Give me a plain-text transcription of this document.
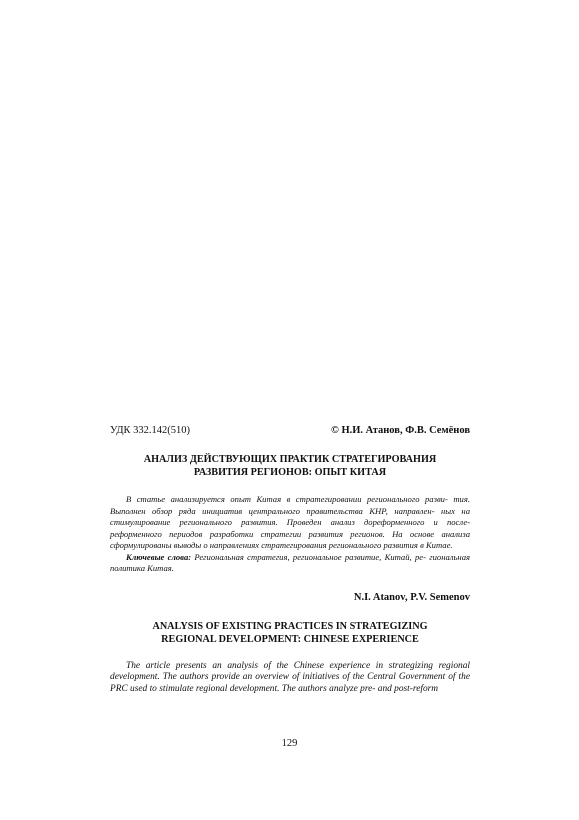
УДК 332.142(510)	© Н.И. Атанов, Ф.В. Семёнов
АНАЛИЗ ДЕЙСТВУЮЩИХ ПРАКТИК СТРАТЕГИРОВАНИЯ
РАЗВИТИЯ РЕГИОНОВ: ОПЫТ КИТАЯ
В статье анализируется опыт Китая в стратегировании регионального разви- тия. Выполнен обзор ряда инициатив центрального правительства КНР, направлен- ных на стимулирование регионального развития. Проведен анализ дореформенного и после-реформенного периодов разработки стратегии развития регионов. На основе анализа сформулированы выводы о направлениях стратегирования регионального развития в Китае.
Ключевые слова: Региональная стратегия, региональное развитие, Китай, ре- гиональная политика Китая.
N.I. Atanov, P.V. Semenov
ANALYSIS OF EXISTING PRACTICES IN STRATEGIZING
REGIONAL DEVELOPMENT: CHINESE EXPERIENCE
The article presents an analysis of the Chinese experience in strategizing regional development. The authors provide an overview of initiatives of the Central Government of the PRC used to stimulate regional development. The authors analyze pre- and post-reform
129
